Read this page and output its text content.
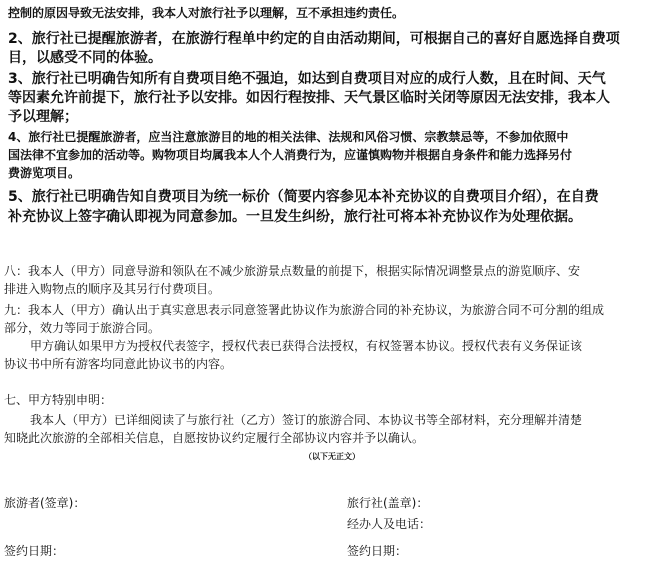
控制的原因导致无法安排，我本人对旅行社予以理解，互不承担违约责任。

2、旅行社已提醒旅游者，在旅游行程单中约定的自由活动期间，可根据自己的喜好自愿选择自费项

目，以感受不同的体验。

3、旅行社已明确告知所有自费项目绝不强迫，如达到自费项目对应的成行人数，且在时间、天气

等因素允许前提下，旅行社予以安排。如因行程按排、天气景区临时关闭等原因无法安排，我本人

予以理解；

4、旅行社已提醒旅游者，应当注意旅游目的地的相关法律、法规和风俗习惯、宗教禁忌等，不参加依照中

国法律不宜参加的活动等。购物项目均属我本人个人消费行为，应谨慎购物并根据自身条件和能力选择另付

费游览项目。

5、旅行社已明确告知自费项目为统一标价（简要内容参见本补充协议的自费项目介绍），在自费

补充协议上签字确认即视为同意参加。一旦发生纠纷，旅行社可将本补充协议作为处理依据。

八：我本人（甲方）同意导游和领队在不减少旅游景点数量的前提下，根据实际情况调整景点的游览顺序、安

排进入购物点的顺序及其另行付费项目。

九：我本人（甲方）确认出于真实意思表示同意签署此协议作为旅游合同的补充协议，为旅游合同不可分割的组成

部分，效力等同于旅游合同。

甲方确认如果甲方为授权代表签字，授权代表已获得合法授权，有权签署本协议。授权代表有义务保证该

协议书中所有游客均同意此协议书的内容。

七、甲方特别申明：

我本人（甲方）已详细阅读了与旅行社（乙方）签订的旅游合同、本协议书等全部材料，充分理解并清楚

知晓此次旅游的全部相关信息，自愿按协议约定履行全部协议内容并予以确认。

（以下无正文）

旅游者(签章)：	旅行社(盖章)：

经办人及电话：

签约日期：	签约日期：
